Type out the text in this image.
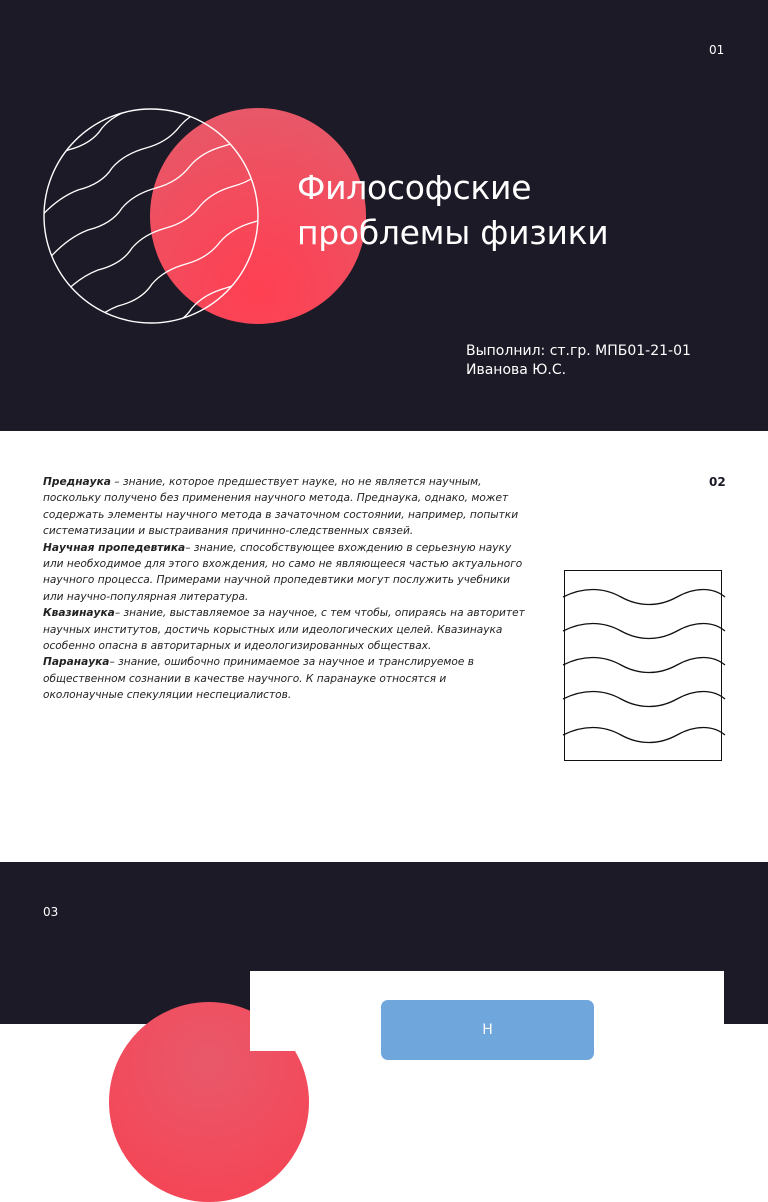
01
Философские
проблемы физики
Выполнил: ст.гр. МПБ01-21-01
Иванова Ю.С.
02

Преднаука – знание, которое предшествует науке, но не является научным, поскольку получено без применения научного метода. Преднаука, однако, может содержать элементы научного метода в зачаточном состоянии, например, попытки систематизации и выстраивания причинно-следственных связей.

Научная пропедевтика– знание, способствующее вхождению в серьезную науку или необходимое для этого вхождения, но само не являющееся частью актуального научного процесса. Примерами научной пропедевтики могут послужить учебники или научно-популярная литература.

Квазинаука– знание, выставляемое за научное, с тем чтобы, опираясь на авторитет научных институтов, достичь корыстных или идеологических целей. Квазинаука особенно опасна в авторитарных и идеологизированных обществах.

Паранаука– знание, ошибочно принимаемое за научное и транслируемое в общественном сознании в качестве научного. К паранауке относятся и околонаучные спекуляции неспециалистов.

03
Н
